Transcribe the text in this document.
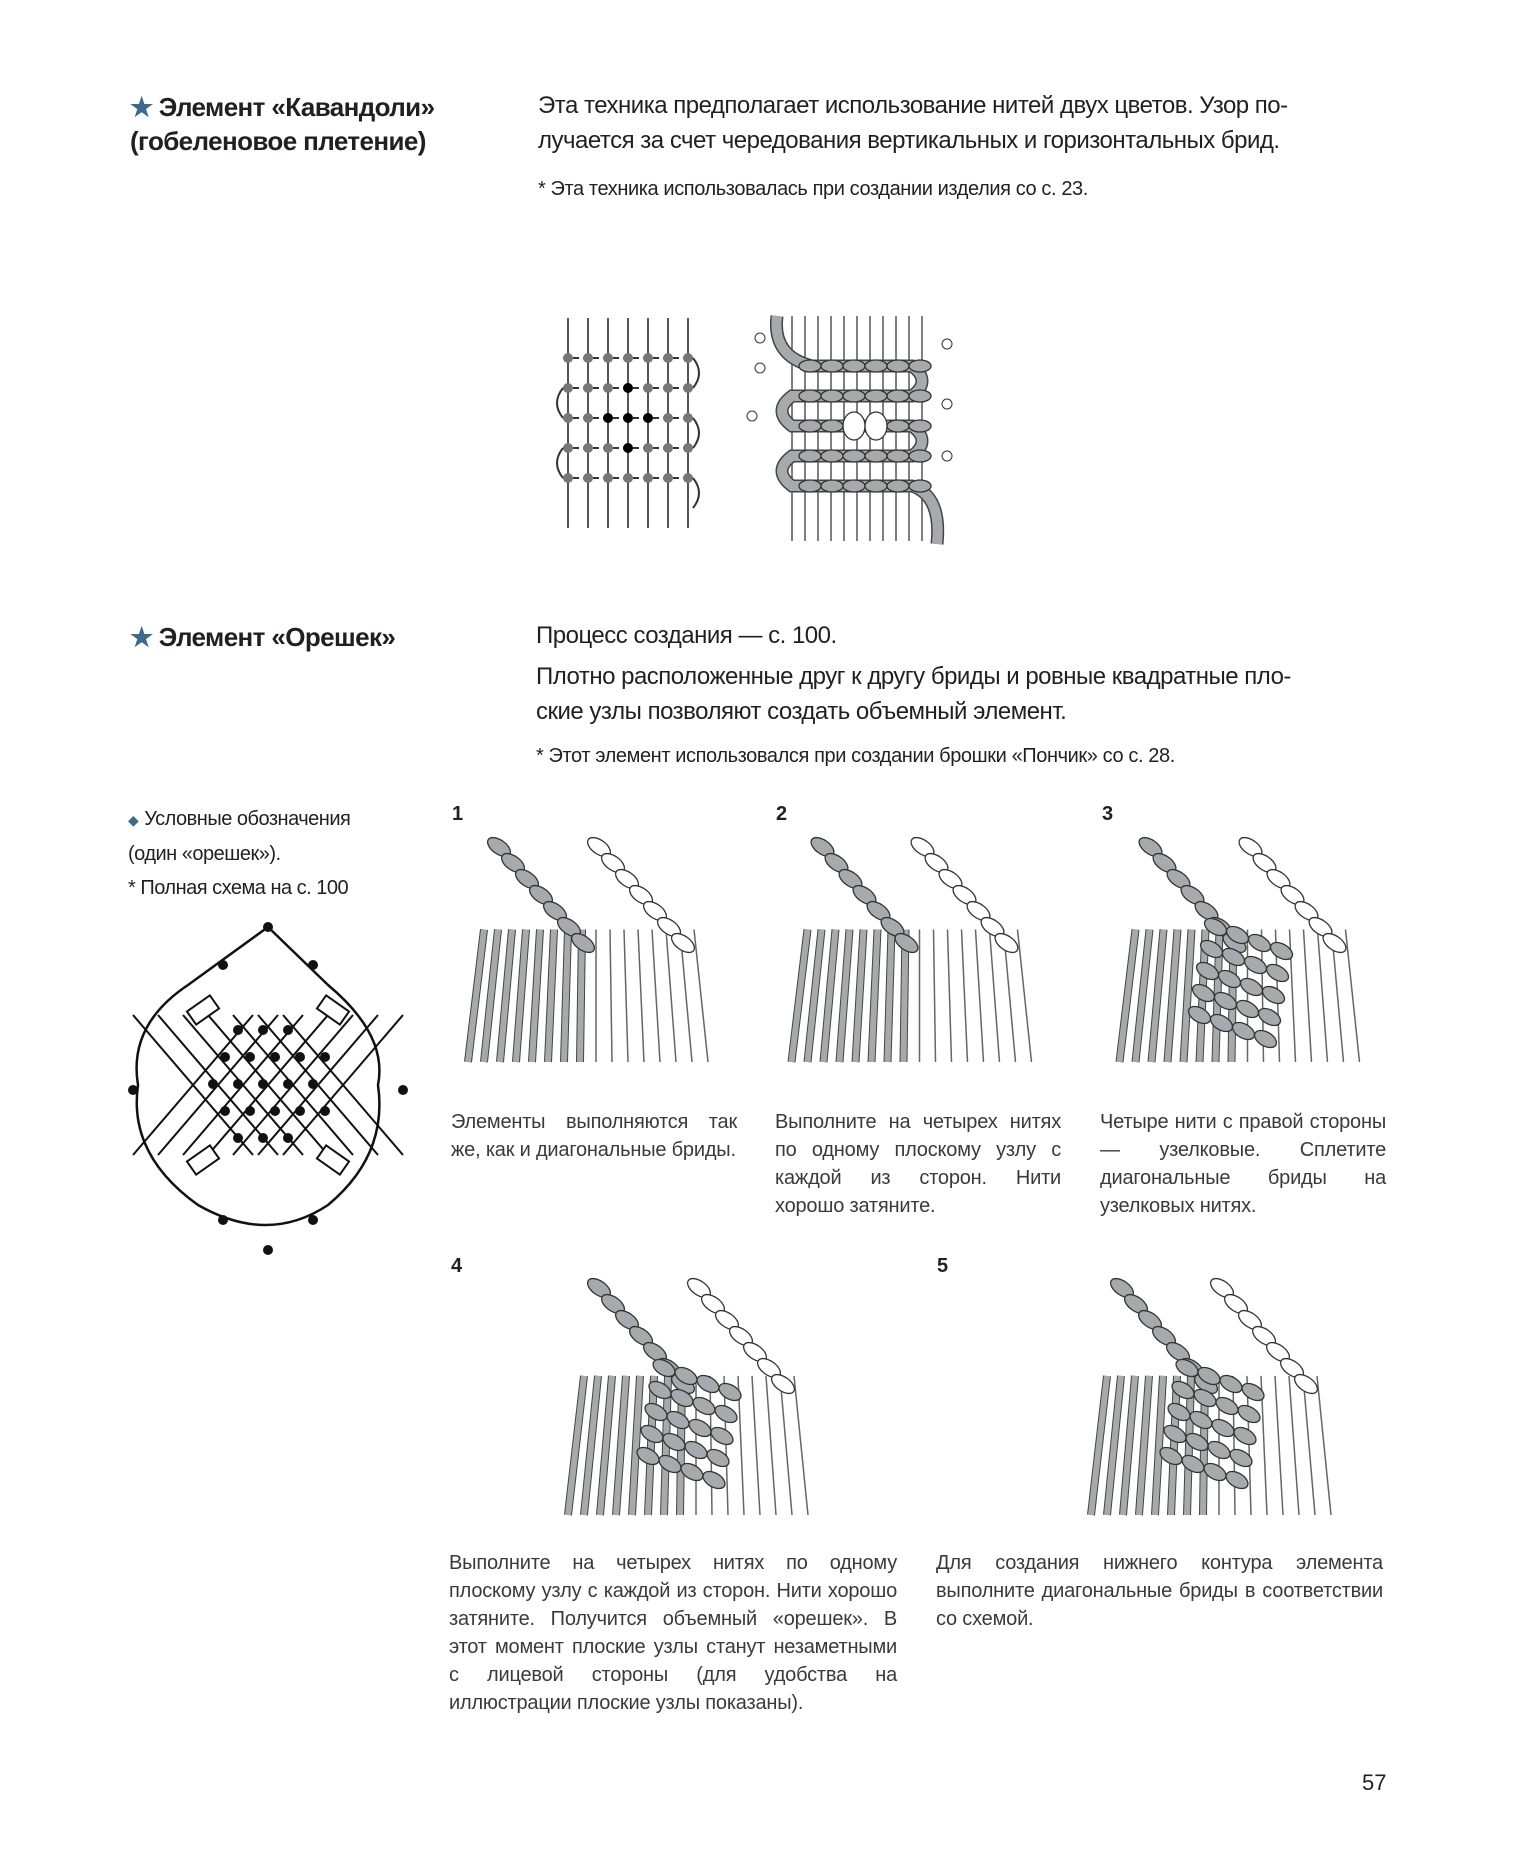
★ Элемент «Кавандоли»
(гобеленовое плетение)
Эта техника предполагает использование нитей двух цветов. Узор по-
лучается за счет чередования вертикальных и горизонтальных брид.
* Эта техника использовалась при создании изделия со с. 23.
★ Элемент «Орешек»	Процесс создания — с. 100.
Плотно расположенные друг к другу бриды и ровные квадратные пло-
ские узлы позволяют создать объемный элемент.
* Этот элемент использовался при создании брошки «Пончик» со с. 28.
◆ Условные обозначения
(один «орешек»).
* Полная схема на с. 100
1	2	3
4	5
Элементы выполняются так же, как и диагональные бриды.
Выполните на четырех нитях по одному плоскому узлу с каждой из сторон. Нити хорошо затяните.
Четыре нити с правой стороны — узелковые. Сплетите диагональные бриды на узелковых нитях.
Выполните на четырех нитях по одному плоскому узлу с каждой из сторон. Нити хорошо затяните. Получится объемный «орешек». В этот момент плоские узлы станут незаметными с лицевой стороны (для удобства на иллюстрации плоские узлы показаны).
Для создания нижнего контура элемента выполните диагональные бриды в соответствии со схемой.
57
